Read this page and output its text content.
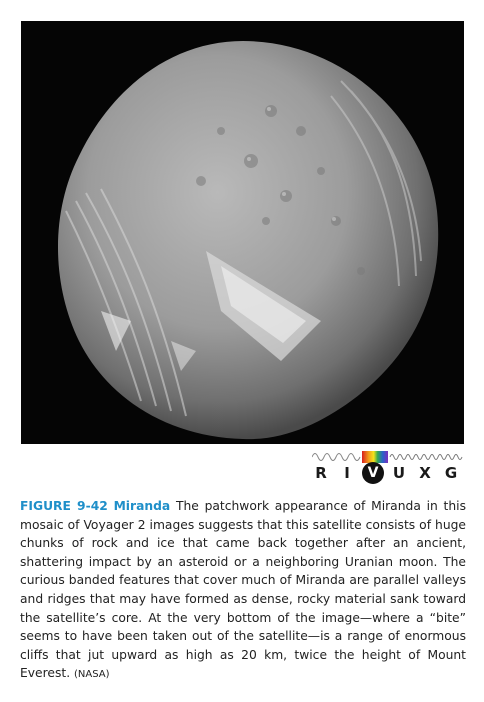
R	I	V U X G
FIGURE 9-42 Miranda The patchwork appearance of Miranda in this mosaic of Voyager 2 images suggests that this satellite consists of huge chunks of rock and ice that came back together after an ancient, shattering impact by an asteroid or a neighboring Uranian moon. The curious banded features that cover much of Miranda are parallel valleys and ridges that may have formed as dense, rocky material sank toward the satellite’s core. At the very bottom of the image—where a “bite” seems to have been taken out of the satellite—is a range of enormous cliffs that jut upward as high as 20 km, twice the height of Mount Everest. (NASA)
